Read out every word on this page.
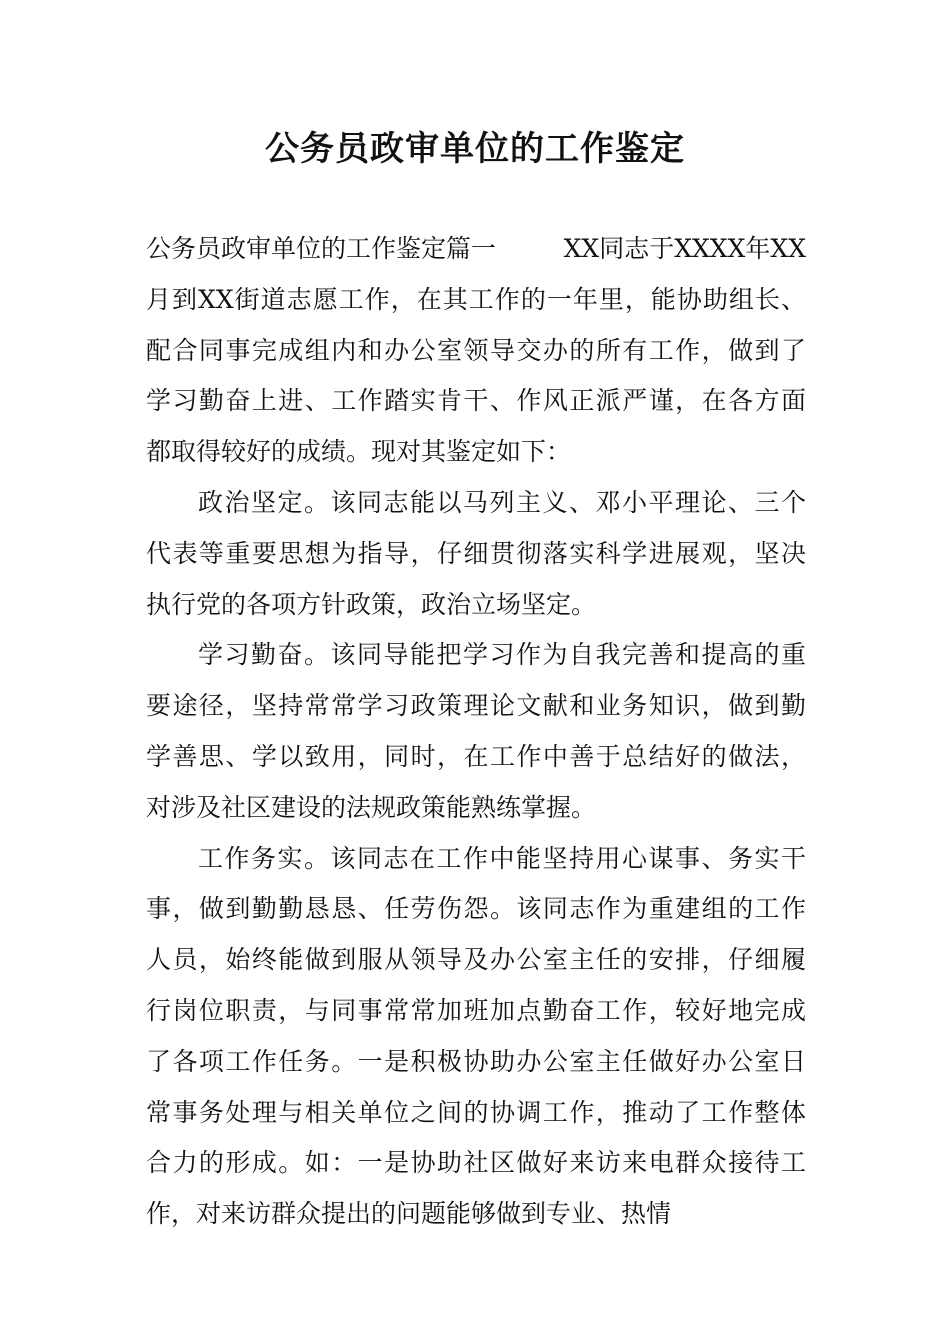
公务员政审单位的工作鉴定
公务员政审单位的工作鉴定篇一	XX同志于XXXX年XX
月到XX街道志愿工作，在其工作的一年里，能协助组长、
配合同事完成组内和办公室领导交办的所有工作，做到了
学习勤奋上进、工作踏实肯干、作风正派严谨，在各方面
都取得较好的成绩。现对其鉴定如下：
政治坚定。该同志能以马列主义、邓小平理论、三个
代表等重要思想为指导，仔细贯彻落实科学进展观，坚决
执行党的各项方针政策，政治立场坚定。
学习勤奋。该同导能把学习作为自我完善和提高的重
要途径，坚持常常学习政策理论文献和业务知识，做到勤
学善思、学以致用，同时，在工作中善于总结好的做法，
对涉及社区建设的法规政策能熟练掌握。
工作务实。该同志在工作中能坚持用心谋事、务实干
事，做到勤勤恳恳、任劳伤怨。该同志作为重建组的工作
人员，始终能做到服从领导及办公室主任的安排，仔细履
行岗位职责，与同事常常加班加点勤奋工作，较好地完成
了各项工作任务。一是积极协助办公室主任做好办公室日
常事务处理与相关单位之间的协调工作，推动了工作整体
合力的形成。如：一是协助社区做好来访来电群众接待工
作，对来访群众提出的问题能够做到专业、热情
